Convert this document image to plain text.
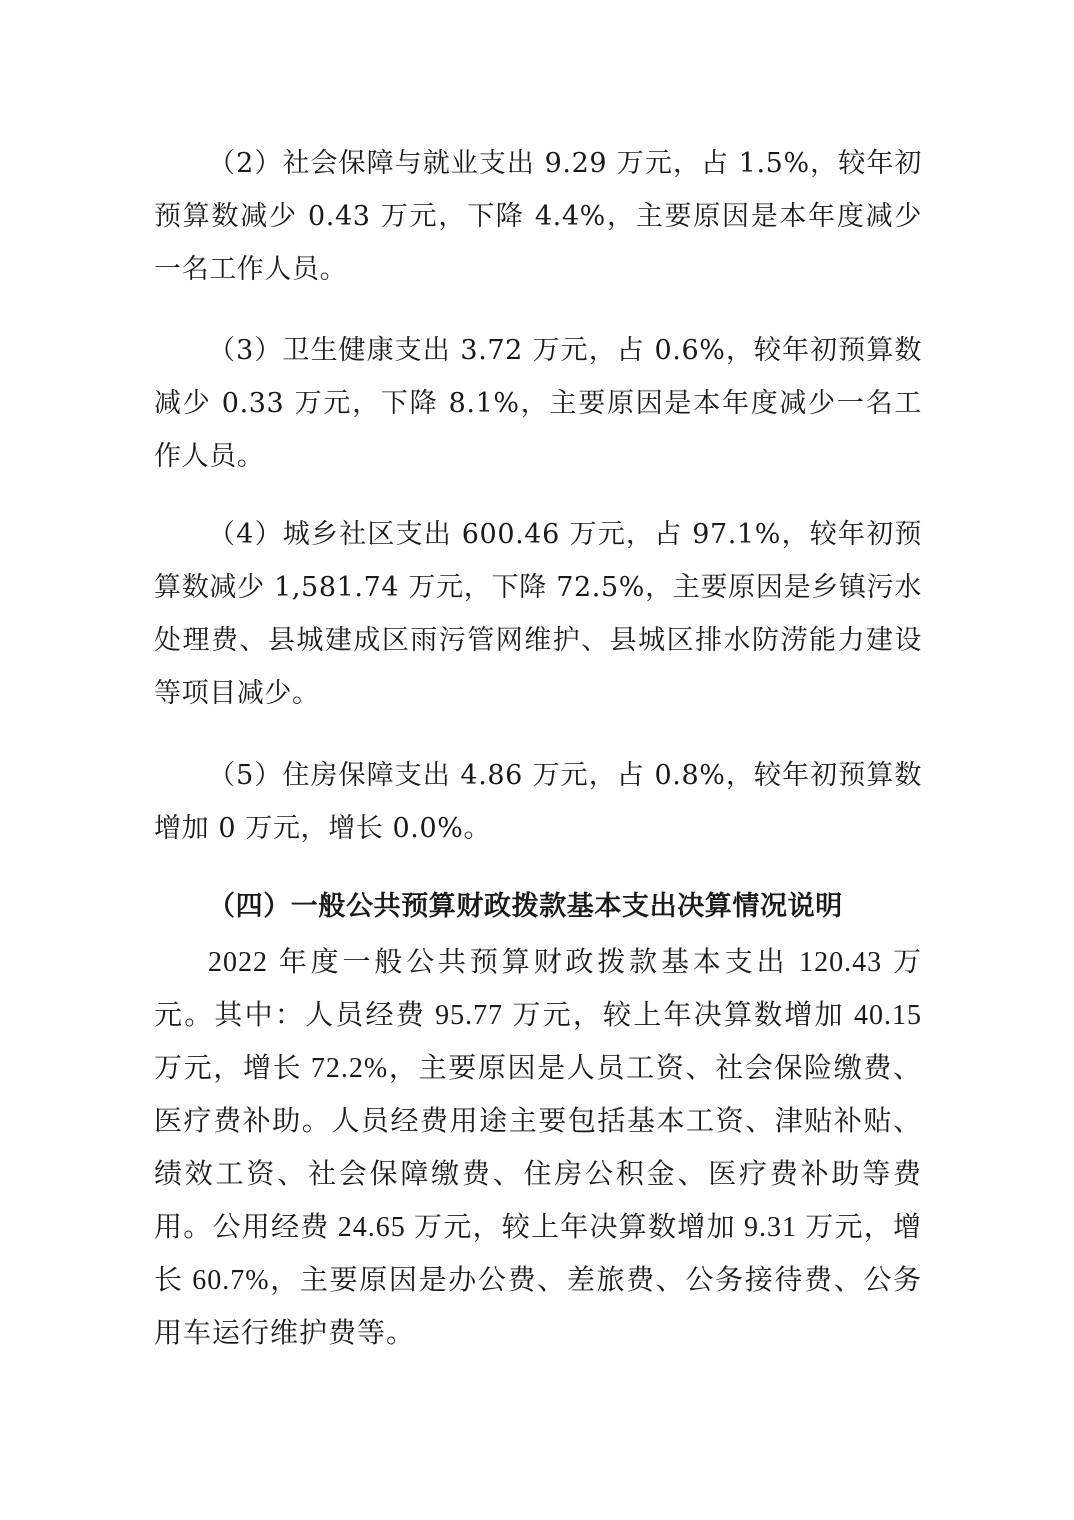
（2）社会保障与就业支出 9.29 万元，占 1.5%，较年初预算数减少 0.43 万元，下降 4.4%，主要原因是本年度减少一名工作人员。

（3）卫生健康支出 3.72 万元，占 0.6%，较年初预算数减少 0.33 万元，下降 8.1%，主要原因是本年度减少一名工作人员。

（4）城乡社区支出 600.46 万元，占 97.1%，较年初预算数减少 1,581.74 万元，下降 72.5%，主要原因是乡镇污水处理费、县城建成区雨污管网维护、县城区排水防涝能力建设等项目减少。

（5）住房保障支出 4.86 万元，占 0.8%，较年初预算数增加 0 万元，增长 0.0%。

（四）一般公共预算财政拨款基本支出决算情况说明

2022 年度一般公共预算财政拨款基本支出 120.43 万元。其中：人员经费 95.77 万元，较上年决算数增加 40.15 万元，增长 72.2%，主要原因是人员工资、社会保险缴费、医疗费补助。人员经费用途主要包括基本工资、津贴补贴、绩效工资、社会保障缴费、住房公积金、医疗费补助等费用。公用经费 24.65 万元，较上年决算数增加 9.31 万元，增长 60.7%，主要原因是办公费、差旅费、公务接待费、公务用车运行维护费等。
